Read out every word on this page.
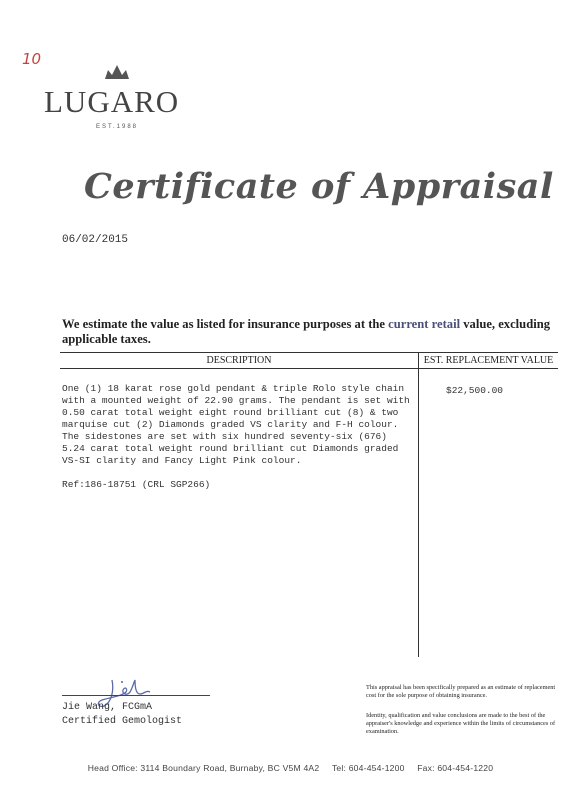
10
LUGARO
EST.1988
Certificate of Appraisal
06/02/2015
We estimate the value as listed for insurance purposes at the current retail value, excluding applicable taxes.
DESCRIPTION	EST. REPLACEMENT VALUE

One (1) 18 karat rose gold pendant & triple Rolo style chain with a mounted weight of 22.90 grams. The pendant is set with 0.50 carat total weight eight round brilliant cut (8) & two marquise cut (2) Diamonds graded VS clarity and F-H colour. The sidestones are set with six hundred seventy-six (676) 5.24 carat total weight round brilliant cut Diamonds graded VS-SI clarity and Fancy Light Pink colour.

Ref:186-18751 (CRL SGP266)

$22,500.00
Jie Wang, FCGmA
Certified Gemologist
This appraisal has been specifically prepared as an estimate of replacement cost for the sole purpose of obtaining insurance.
Identity, qualification and value conclusions are made to the best of the appraiser's knowledge and experience within the limits of circumstances of examination.
Head Office: 3114 Boundary Road, Burnaby, BC V5M 4A2 Tel: 604-454-1200 Fax: 604-454-1220
